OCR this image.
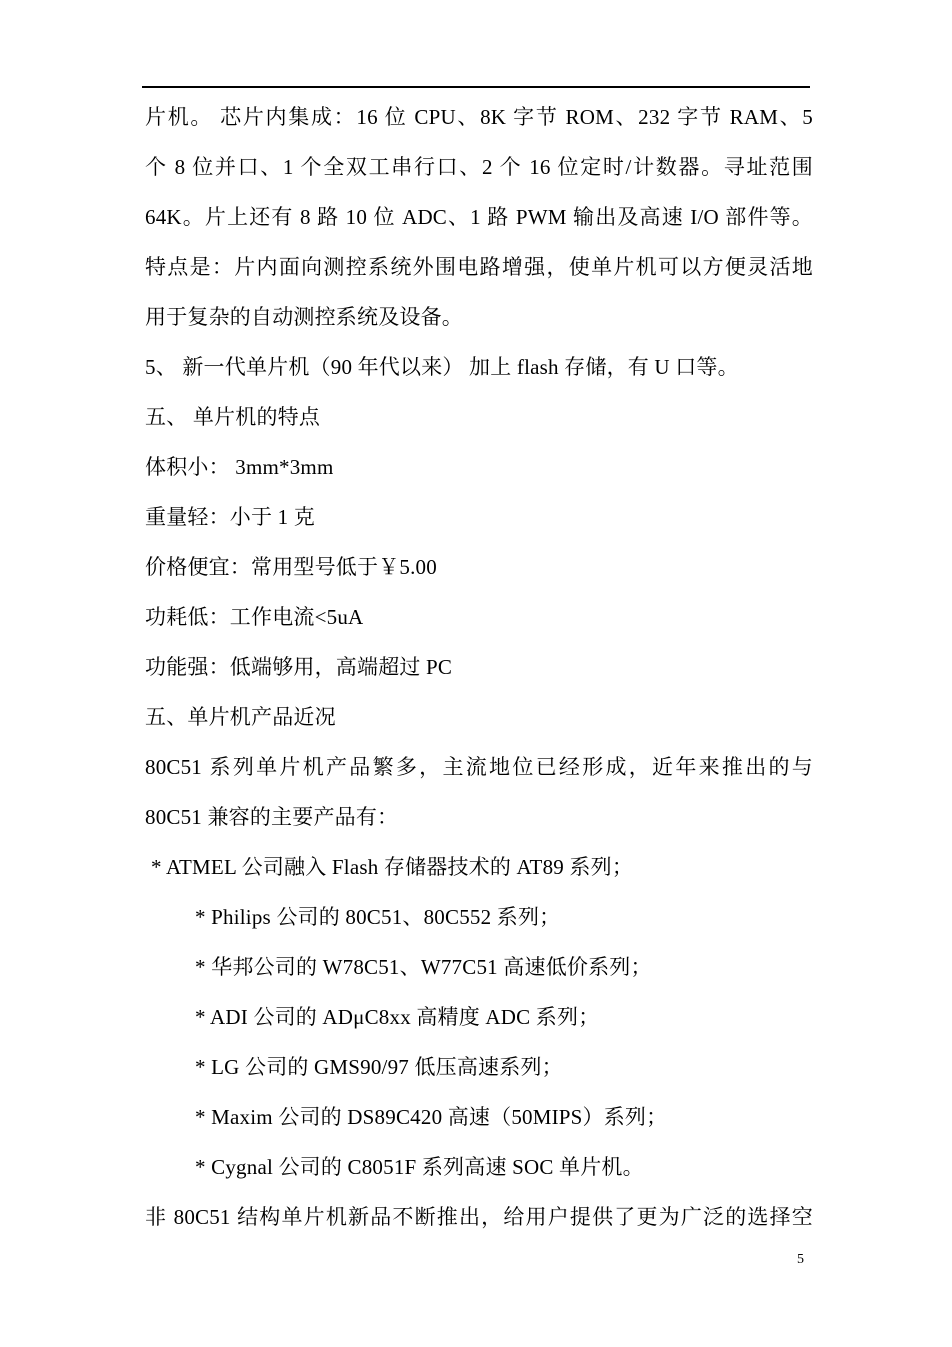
片机。 芯片内集成：16 位 CPU、8K 字节 ROM、232 字节 RAM、5
个 8 位并口、1 个全双工串行口、2 个 16 位定时/计数器。寻址范围
64K。片上还有 8 路 10 位 ADC、1 路 PWM 输出及高速 I/O 部件等。
特点是：片内面向测控系统外围电路增强，使单片机可以方便灵活地
用于复杂的自动测控系统及设备。
5、 新一代单片机（90 年代以来） 加上 flash 存储，有 U 口等。
五、 单片机的特点
体积小： 3mm*3mm
重量轻：小于 1 克
价格便宜：常用型号低于￥5.00
功耗低：工作电流<5uA
功能强：低端够用，高端超过 PC
五、单片机产品近况
80C51 系列单片机产品繁多，主流地位已经形成，近年来推出的与
80C51 兼容的主要产品有：
* ATMEL 公司融入 Flash 存储器技术的 AT89 系列；
* Philips 公司的 80C51、80C552 系列；
* 华邦公司的 W78C51、W77C51 高速低价系列；
* ADI 公司的 ADμC8xx 高精度 ADC 系列；
* LG 公司的 GMS90/97 低压高速系列；
* Maxim 公司的 DS89C420 高速（50MIPS）系列；
* Cygnal 公司的 C8051F 系列高速 SOC 单片机。
非 80C51 结构单片机新品不断推出，给用户提供了更为广泛的选择空
5
